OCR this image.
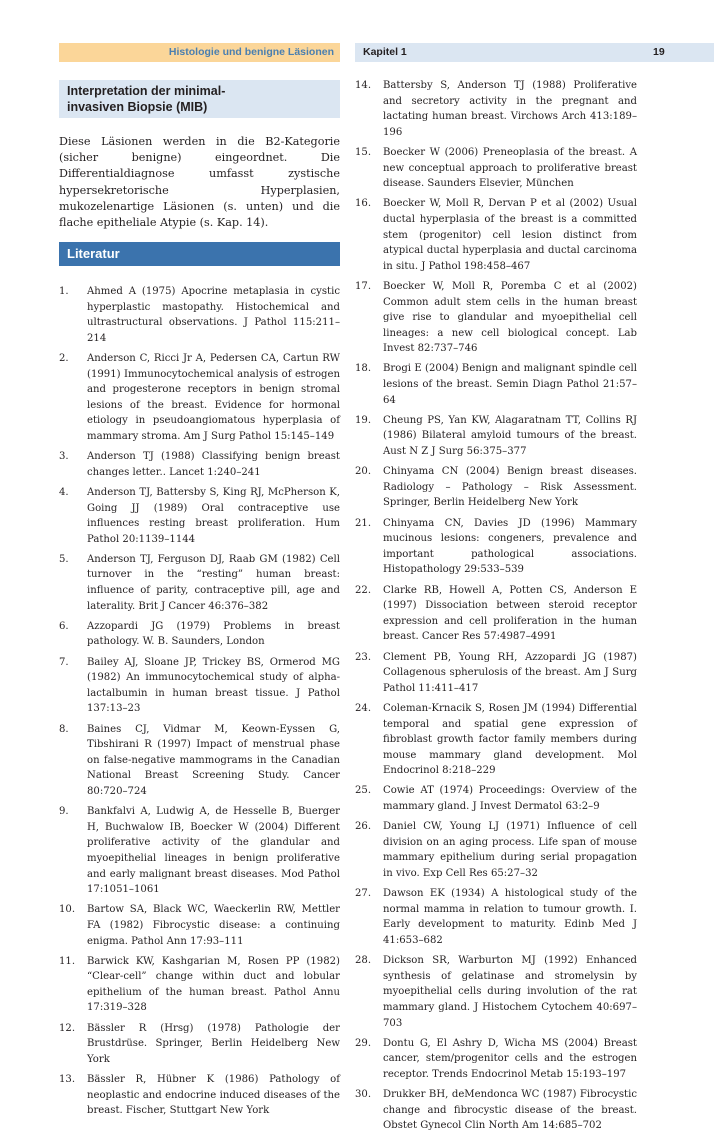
Histologie und benigne Läsionen	Kapitel 1	19
Interpretation der minimal-
invasiven Biopsie (MIB)

Diese Läsionen werden in die B2-Kategorie (sicher benigne) eingeordnet. Die Differentialdiagnose umfasst zystische hypersekretorische Hyperplasien, mukozelenartige Läsionen (s. unten) und die flache epitheliale Atypie (s. Kap. 14).

Literatur
1.	Ahmed A (1975) Apocrine metaplasia in cystic hyperplastic mastopathy. Histochemical and ultrastructural observations. J Pathol 115:211–214
2.	Anderson C, Ricci Jr A, Pedersen CA, Cartun RW (1991) Immunocytochemical analysis of estrogen and progesterone receptors in benign stromal lesions of the breast. Evidence for hormonal etiology in pseudoangiomatous hyperplasia of mammary stroma. Am J Surg Pathol 15:145–149
3.	Anderson TJ (1988) Classifying benign breast changes letter.. Lancet 1:240–241
4.	Anderson TJ, Battersby S, King RJ, McPherson K, Going JJ (1989) Oral contraceptive use influences resting breast proliferation. Hum Pathol 20:1139–1144
5.	Anderson TJ, Ferguson DJ, Raab GM (1982) Cell turnover in the “resting” human breast: influence of parity, contraceptive pill, age and laterality. Brit J Cancer 46:376–382
6.	Azzopardi JG (1979) Problems in breast pathology. W. B. Saunders, London
7.	Bailey AJ, Sloane JP, Trickey BS, Ormerod MG (1982) An immunocytochemical study of alpha-lactalbumin in human breast tissue. J Pathol 137:13–23
8.	Baines CJ, Vidmar M, Keown-Eyssen G, Tibshirani R (1997) Impact of menstrual phase on false-negative mammograms in the Canadian National Breast Screening Study. Cancer 80:720–724
9.	Bankfalvi A, Ludwig A, de Hesselle B, Buerger H, Buchwalow IB, Boecker W (2004) Different proliferative activity of the glandular and myoepithelial lineages in benign proliferative and early malignant breast diseases. Mod Pathol 17:1051–1061
10.	Bartow SA, Black WC, Waeckerlin RW, Mettler FA (1982) Fibrocystic disease: a continuing enigma. Pathol Ann 17:93–111
11.	Barwick KW, Kashgarian M, Rosen PP (1982) “Clear-cell” change within duct and lobular epithelium of the human breast. Pathol Annu 17:319–328
12.	Bässler R (Hrsg) (1978) Pathologie der Brustdrüse. Springer, Berlin Heidelberg New York
13.	Bässler R, Hübner K (1986) Pathology of neoplastic and endocrine induced diseases of the breast. Fischer, Stuttgart New York
14.	Battersby S, Anderson TJ (1988) Proliferative and secretory activity in the pregnant and lactating human breast. Virchows Arch 413:189–196
15.	Boecker W (2006) Preneoplasia of the breast. A new conceptual approach to proliferative breast disease. Saunders Elsevier, München
16.	Boecker W, Moll R, Dervan P et al (2002) Usual ductal hyperplasia of the breast is a committed stem (progenitor) cell lesion distinct from atypical ductal hyperplasia and ductal carcinoma in situ. J Pathol 198:458–467
17.	Boecker W, Moll R, Poremba C et al (2002) Common adult stem cells in the human breast give rise to glandular and myoepithelial cell lineages: a new cell biological concept. Lab Invest 82:737–746
18.	Brogi E (2004) Benign and malignant spindle cell lesions of the breast. Semin Diagn Pathol 21:57–64
19.	Cheung PS, Yan KW, Alagaratnam TT, Collins RJ (1986) Bilateral amyloid tumours of the breast. Aust N Z J Surg 56:375–377
20.	Chinyama CN (2004) Benign breast diseases. Radiology – Pathology – Risk Assessment. Springer, Berlin Heidelberg New York
21.	Chinyama CN, Davies JD (1996) Mammary mucinous lesions: congeners, prevalence and important pathological associations. Histopathology 29:533–539
22.	Clarke RB, Howell A, Potten CS, Anderson E (1997) Dissociation between steroid receptor expression and cell proliferation in the human breast. Cancer Res 57:4987–4991
23.	Clement PB, Young RH, Azzopardi JG (1987) Collagenous spherulosis of the breast. Am J Surg Pathol 11:411–417
24.	Coleman-Krnacik S, Rosen JM (1994) Differential temporal and spatial gene expression of fibroblast growth factor family members during mouse mammary gland development. Mol Endocrinol 8:218–229
25.	Cowie AT (1974) Proceedings: Overview of the mammary gland. J Invest Dermatol 63:2–9
26.	Daniel CW, Young LJ (1971) Influence of cell division on an aging process. Life span of mouse mammary epithelium during serial propagation in vivo. Exp Cell Res 65:27–32
27.	Dawson EK (1934) A histological study of the normal mamma in relation to tumour growth. I. Early development to maturity. Edinb Med J 41:653–682
28.	Dickson SR, Warburton MJ (1992) Enhanced synthesis of gelatinase and stromelysin by myoepithelial cells during involution of the rat mammary gland. J Histochem Cytochem 40:697–703
29.	Dontu G, El Ashry D, Wicha MS (2004) Breast cancer, stem/progenitor cells and the estrogen receptor. Trends Endocrinol Metab 15:193–197
30.	Drukker BH, deMendonca WC (1987) Fibrocystic change and fibrocystic disease of the breast. Obstet Gynecol Clin North Am 14:685–702
